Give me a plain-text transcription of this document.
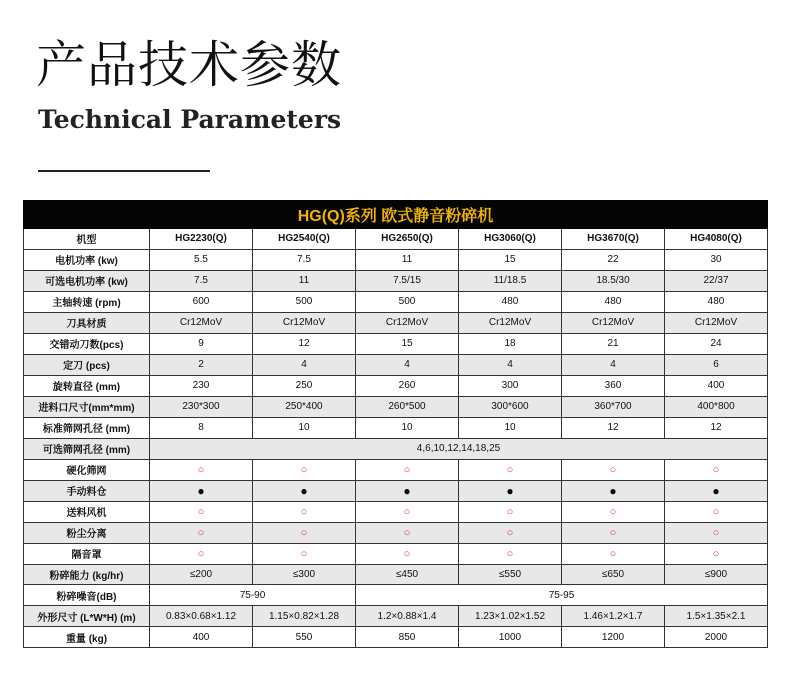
产品技术参数
Technical Parameters
HG(Q)系列 欧式静音粉碎机						
机型	HG2230(Q)	HG2540(Q)	HG2650(Q)	HG3060(Q)	HG3670(Q)	HG4080(Q)
电机功率 (kw)	5.5	7.5	11	15	22	30
可选电机功率 (kw)	7.5	11	7.5/15	11/18.5	18.5/30	22/37
主轴转速 (rpm)	600	500	500	480	480	480
刀具材质	Cr12MoV	Cr12MoV	Cr12MoV	Cr12MoV	Cr12MoV	Cr12MoV
交错动刀数(pcs)	9	12	15	18	21	24
定刀 (pcs)	2	4	4	4	4	6
旋转直径 (mm)	230	250	260	300	360	400
进料口尺寸(mm*mm)	230*300	250*400	260*500	300*600	360*700	400*800
标准筛网孔径 (mm)	8	10	10	10	12	12
可选筛网孔径 (mm)	4,6,10,12,14,18,25					
硬化筛网	○	○	○	○	○	○
手动料仓	●	●	●	●	●	●
送料风机	○	○	○	○	○	○
粉尘分离	○	○	○	○	○	○
隔音罩	○	○	○	○	○	○
粉碎能力 (kg/hr)	≤200	≤300	≤450	≤550	≤650	≤900
粉碎噪音(dB)	75-90		75-95			
外形尺寸 (L*W*H) (m)	0.83×0.68×1.12	1.15×0.82×1.28	1.2×0.88×1.4	1.23×1.02×1.52	1.46×1.2×1.7	1.5×1.35×2.1
重量 (kg)	400	550	850	1000	1200	2000
